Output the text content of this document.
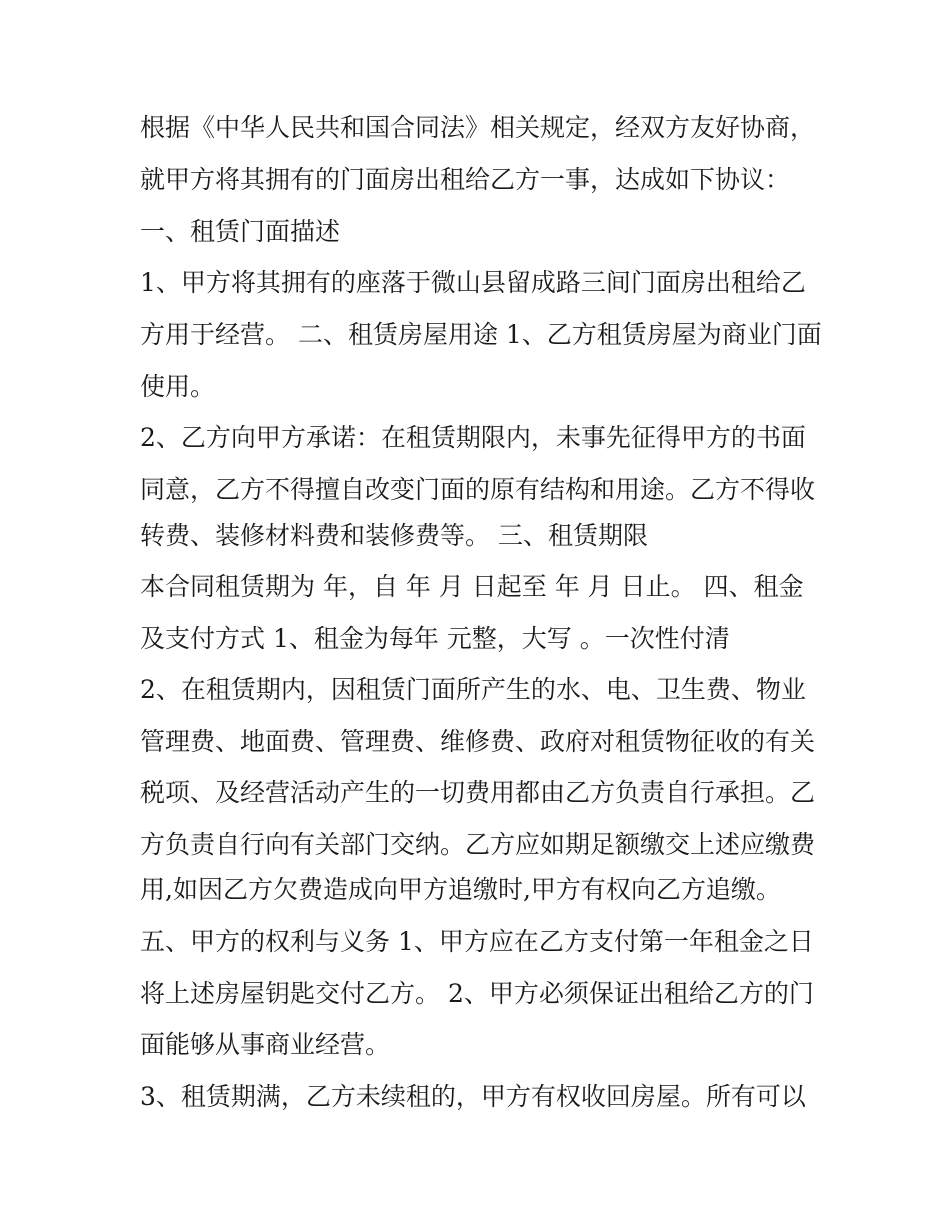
根据《中华人民共和国合同法》相关规定，经双方友好协商，

就甲方将其拥有的门面房出租给乙方一事，达成如下协议：

一、租赁门面描述

1、甲方将其拥有的座落于微山县留成路三间门面房出租给乙

方用于经营。 二、租赁房屋用途 1、乙方租赁房屋为商业门面

使用。

2、乙方向甲方承诺：在租赁期限内，未事先征得甲方的书面

同意，乙方不得擅自改变门面的原有结构和用途。乙方不得收

转费、装修材料费和装修费等。 三、租赁期限

本合同租赁期为 年，自 年 月 日起至 年 月 日止。 四、租金

及支付方式 1、租金为每年 元整，大写 。一次性付清

2、在租赁期内，因租赁门面所产生的水、电、卫生费、物业

管理费、地面费、管理费、维修费、政府对租赁物征收的有关

税项、及经营活动产生的一切费用都由乙方负责自行承担。乙

方负责自行向有关部门交纳。乙方应如期足额缴交上述应缴费

用,如因乙方欠费造成向甲方追缴时,甲方有权向乙方追缴。

五、甲方的权利与义务 1、甲方应在乙方支付第一年租金之日

将上述房屋钥匙交付乙方。 2、甲方必须保证出租给乙方的门

面能够从事商业经营。

3、租赁期满，乙方未续租的，甲方有权收回房屋。所有可以
